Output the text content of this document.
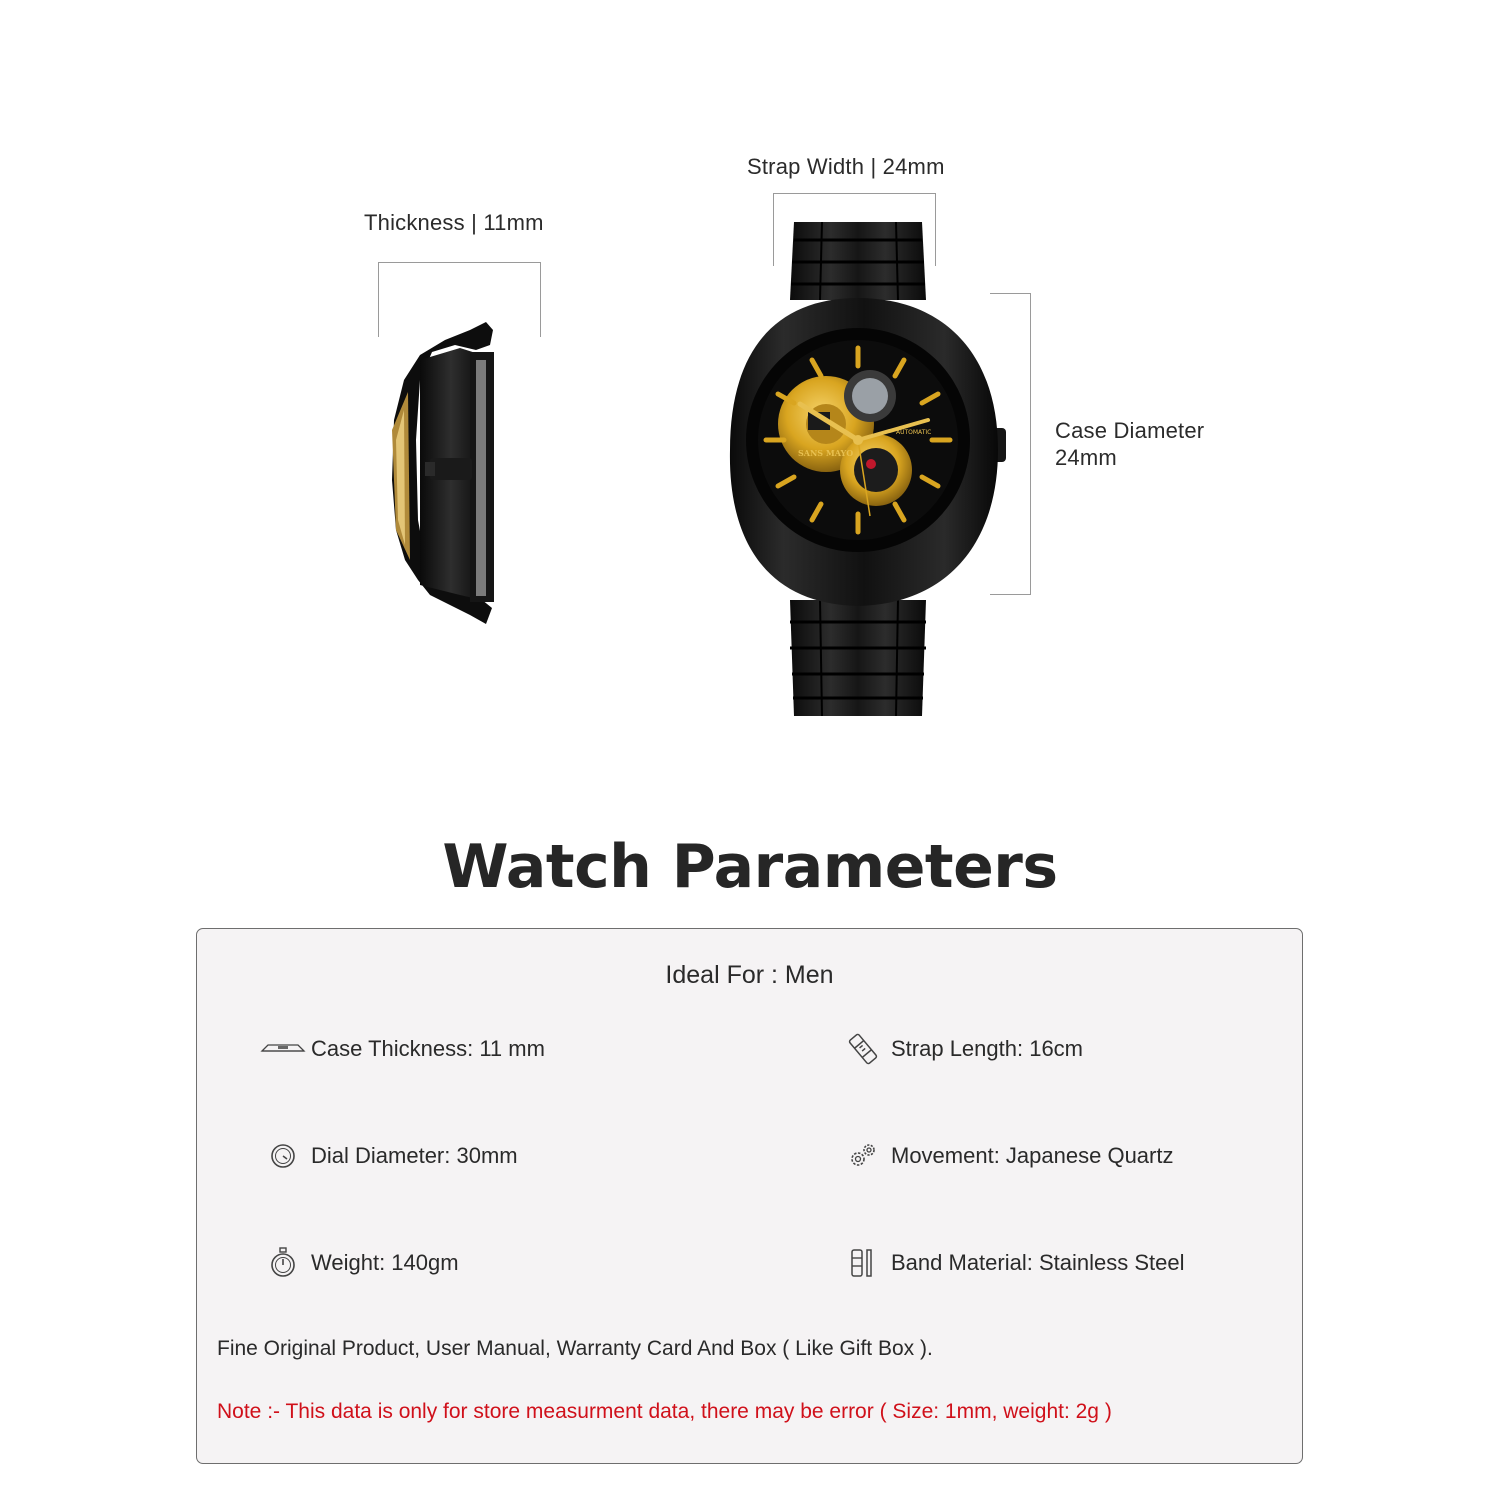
SANS MAYO
AUTOMATIC
Strap Width | 24mm
Thickness | 11mm
Case Diameter
24mm
Watch Parameters
Ideal For : Men
Case Thickness: 11 mm
Dial Diameter: 30mm
Weight: 140gm
Strap Length: 16cm
Movement: Japanese Quartz
Band Material: Stainless Steel
Fine Original Product, User Manual, Warranty Card And Box ( Like Gift Box ).
Note :- This data is only for store measurment data, there may be error ( Size: 1mm, weight: 2g )
